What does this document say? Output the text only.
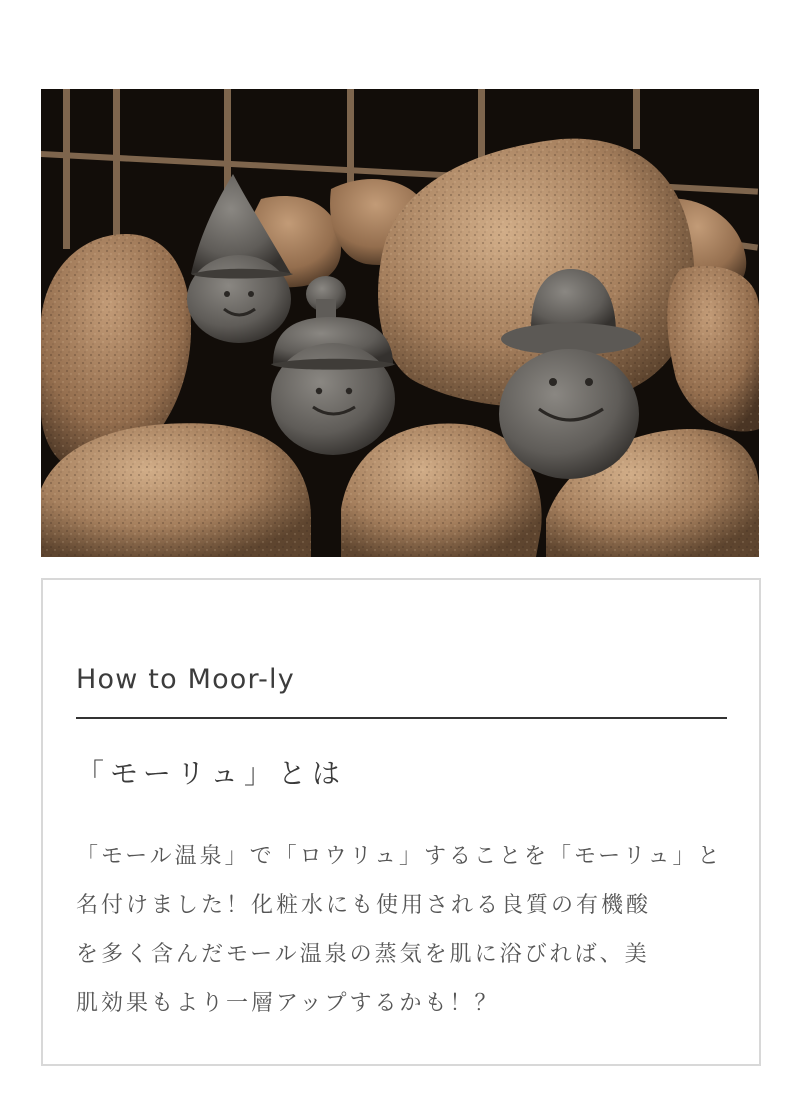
How to Moor-ly
「モーリュ」とは
「モール温泉」で「ロウリュ」することを「モーリュ」と
名付けました！化粧水にも使用される良質の有機酸
を多く含んだモール温泉の蒸気を肌に浴びれば、美
肌効果もより一層アップするかも！？
